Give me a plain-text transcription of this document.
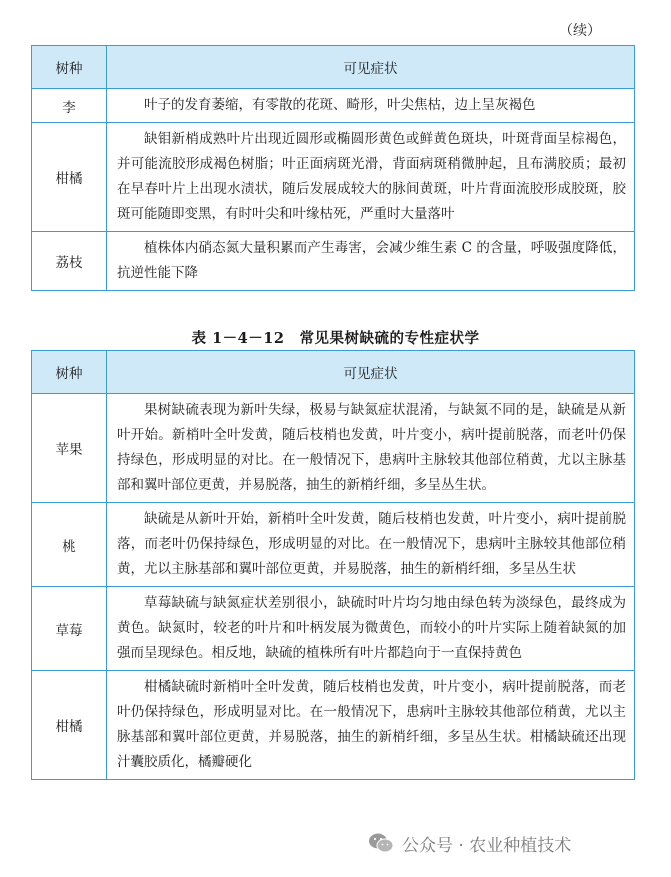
（续）
树种	可见症状
李	叶子的发育萎缩，有零散的花斑、畸形，叶尖焦枯，边上呈灰褐色
柑橘	缺钼新梢成熟叶片出现近圆形或椭圆形黄色或鲜黄色斑块，叶斑背面呈棕褐色，并可能流胶形成褐色树脂；叶正面病斑光滑，背面病斑稍微肿起，且布满胶质；最初在早春叶片上出现水渍状，随后发展成较大的脉间黄斑，叶片背面流胶形成胶斑，胶斑可能随即变黑，有时叶尖和叶缘枯死，严重时大量落叶
荔枝	植株体内硝态氮大量积累而产生毒害，会减少维生素 C 的含量，呼吸强度降低，抗逆性能下降
表 1－4－12　常见果树缺硫的专性症状学
树种	可见症状
苹果	果树缺硫表现为新叶失绿，极易与缺氮症状混淆，与缺氮不同的是，缺硫是从新叶开始。新梢叶全叶发黄，随后枝梢也发黄，叶片变小，病叶提前脱落，而老叶仍保持绿色，形成明显的对比。在一般情况下，患病叶主脉较其他部位稍黄，尤以主脉基部和翼叶部位更黄，并易脱落，抽生的新梢纤细，多呈丛生状。
桃	缺硫是从新叶开始，新梢叶全叶发黄，随后枝梢也发黄，叶片变小，病叶提前脱落，而老叶仍保持绿色，形成明显的对比。在一般情况下，患病叶主脉较其他部位稍黄，尤以主脉基部和翼叶部位更黄，并易脱落，抽生的新梢纤细，多呈丛生状
草莓	草莓缺硫与缺氮症状差别很小，缺硫时叶片均匀地由绿色转为淡绿色，最终成为黄色。缺氮时，较老的叶片和叶柄发展为微黄色，而较小的叶片实际上随着缺氮的加强而呈现绿色。相反地，缺硫的植株所有叶片都趋向于一直保持黄色
柑橘	柑橘缺硫时新梢叶全叶发黄，随后枝梢也发黄，叶片变小，病叶提前脱落，而老叶仍保持绿色，形成明显对比。在一般情况下，患病叶主脉较其他部位稍黄，尤以主脉基部和翼叶部位更黄，并易脱落，抽生的新梢纤细，多呈丛生状。柑橘缺硫还出现汁囊胶质化，橘瓣硬化
公众号 · 农业种植技术
